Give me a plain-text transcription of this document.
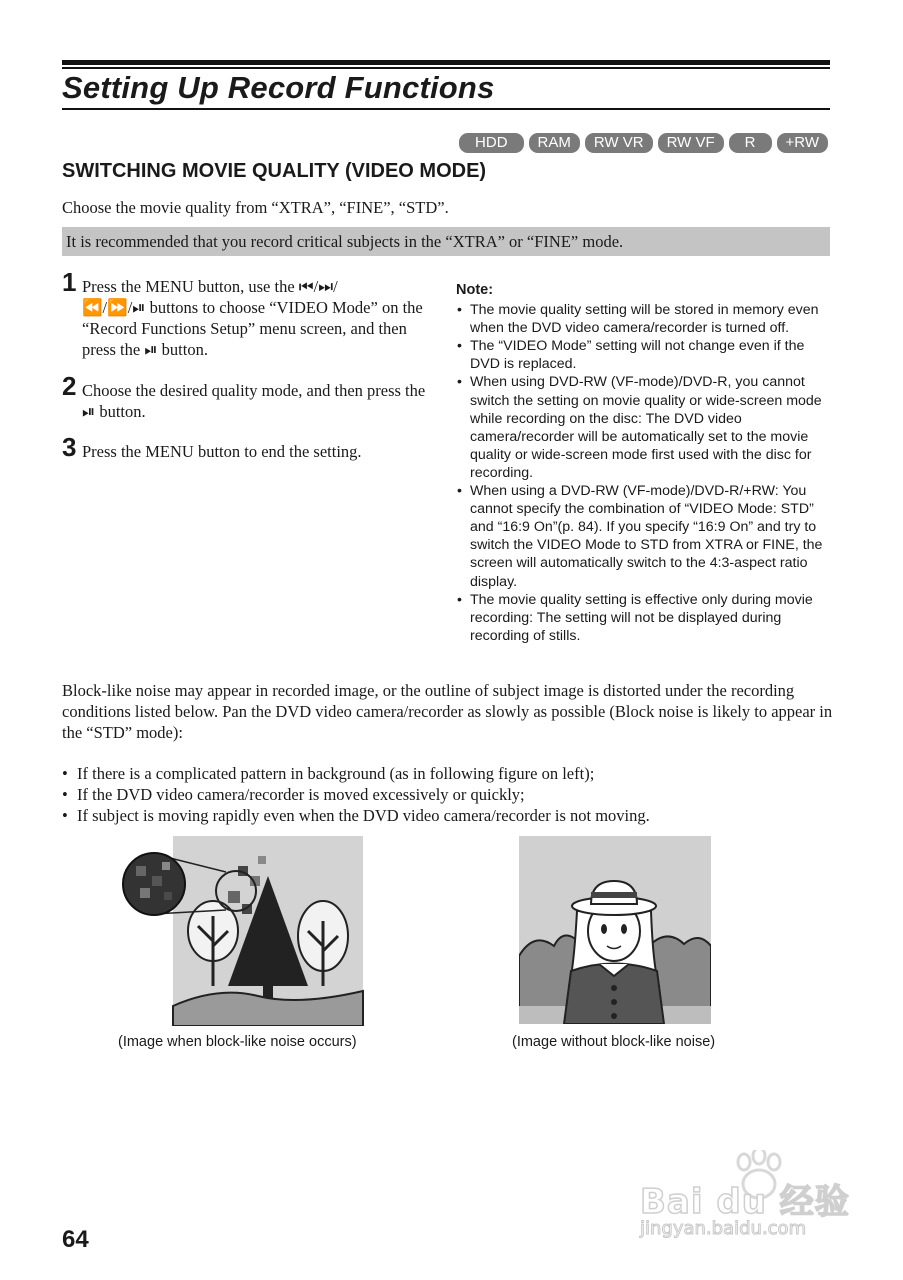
Setting Up Record Functions
HDD	RAM	RW VR	RW VF	R	+RW
SWITCHING MOVIE QUALITY (VIDEO MODE)
Choose the movie quality from “XTRA”, “FINE”, “STD”.
It is recommended that you record critical subjects in the “XTRA” or “FINE” mode.
1 Press the MENU button, use the ⏮/⏭/
⏪/⏩/⏯ buttons to choose “VIDEO Mode” on the “Record Functions Setup” menu screen, and then press the ⏯ button.
2 Choose the desired quality mode, and then press the ⏯ button.
3 Press the MENU button to end the setting.
Note:
• The movie quality setting will be stored in memory even when the DVD video camera/recorder is turned off.
• The “VIDEO Mode” setting will not change even if the DVD is replaced.
• When using DVD-RW (VF-mode)/DVD-R, you cannot switch the setting on movie quality or wide-screen mode while recording on the disc: The DVD video camera/recorder will be automatically set to the movie quality or wide-screen mode first used with the disc for recording.
• When using a DVD-RW (VF-mode)/DVD-R/+RW: You cannot specify the combination of “VIDEO Mode: STD” and “16:9 On”(p. 84). If you specify “16:9 On” and try to switch the VIDEO Mode to STD from XTRA or FINE, the screen will automatically switch to the 4:3-aspect ratio display.
• The movie quality setting is effective only during movie recording: The setting will not be displayed during recording of stills.
Block-like noise may appear in recorded image, or the outline of subject image is distorted under the recording conditions listed below. Pan the DVD video camera/recorder as slowly as possible (Block noise is likely to appear in the “STD” mode):
• If there is a complicated pattern in background (as in following figure on left);
• If the DVD video camera/recorder is moved excessively or quickly;
• If subject is moving rapidly even when the DVD video camera/recorder is not moving.
(Image when block-like noise occurs)	(Image without block-like noise)
64
Bai du 经验
jingyan.baidu.com
